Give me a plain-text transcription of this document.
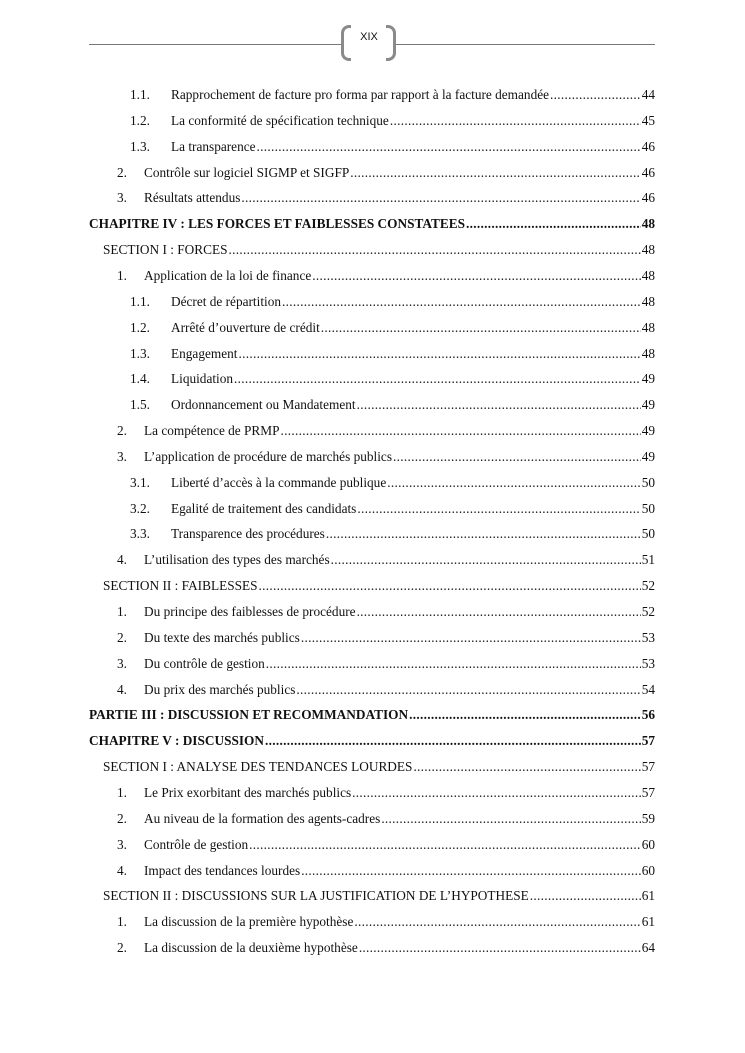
XIX
1.1. Rapprochement de facture pro forma par rapport à la facture demandée .....	44
1.2. La conformité de spécification technique .....	45
1.3. La transparence .....	46
2. Contrôle sur logiciel SIGMP et SIGFP .....	46
3. Résultats attendus .....	46
CHAPITRE IV : LES FORCES ET FAIBLESSES CONSTATEES .....	48
SECTION I : FORCES .....	48
1. Application de la loi de finance .....	48
1.1. Décret de répartition .....	48
1.2. Arrêté d’ouverture de crédit .....	48
1.3. Engagement .....	48
1.4. Liquidation .....	49
1.5. Ordonnancement ou Mandatement .....	49
2. La compétence de PRMP .....	49
3. L’application de procédure de marchés publics .....	49
3.1. Liberté d’accès à la commande publique .....	50
3.2. Egalité de traitement des candidats .....	50
3.3. Transparence des procédures .....	50
4. L’utilisation des types des marchés .....	51
SECTION II : FAIBLESSES .....	52
1. Du principe des faiblesses de procédure .....	52
2. Du texte des marchés publics .....	53
3. Du contrôle de gestion .....	53
4. Du prix des marchés publics .....	54
PARTIE III : DISCUSSION ET RECOMMANDATION .....	56
CHAPITRE V : DISCUSSION .....	57
SECTION I : ANALYSE DES TENDANCES LOURDES .....	57
1. Le Prix exorbitant des marchés publics .....	57
2. Au niveau de la formation des agents-cadres .....	59
3. Contrôle de gestion .....	60
4. Impact des tendances lourdes .....	60
SECTION II : DISCUSSIONS SUR LA JUSTIFICATION DE L’HYPOTHESE .....	61
1. La discussion de la première hypothèse .....	61
2. La discussion de la deuxième hypothèse .....	64
